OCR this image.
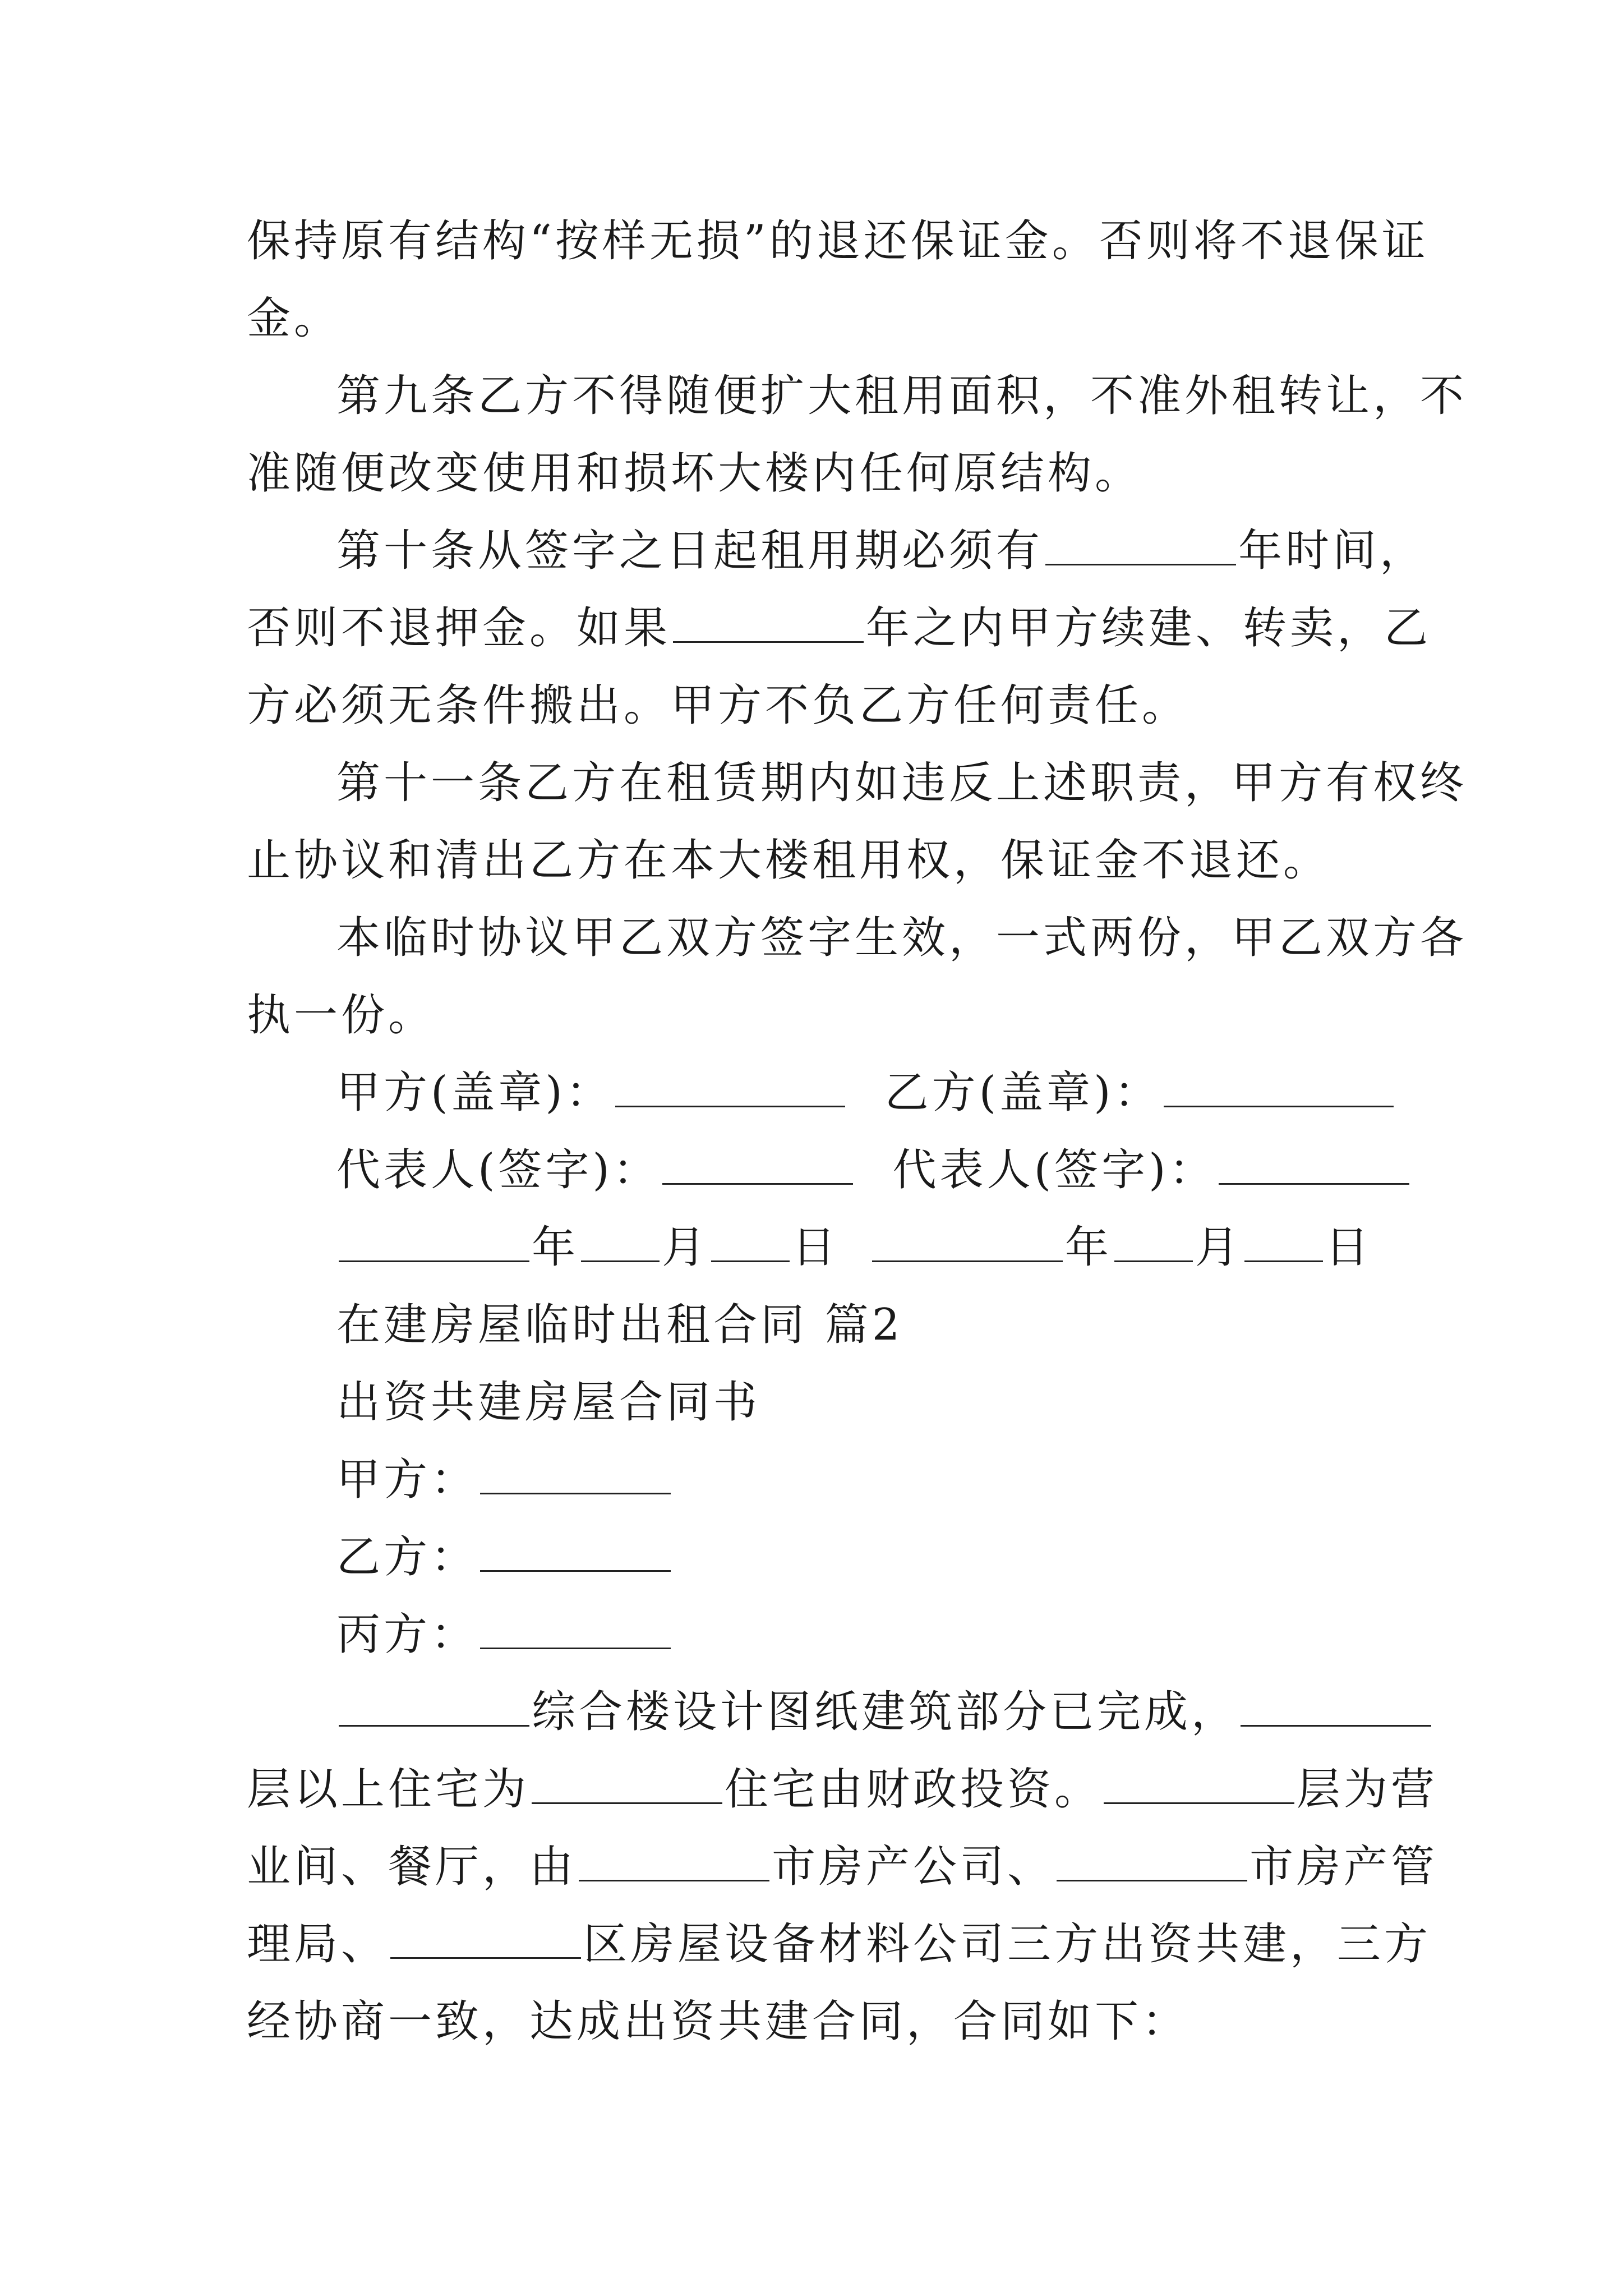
保持原有结构“按样无损”的退还保证金。否则将不退保证
金。
第九条乙方不得随便扩大租用面积，不准外租转让，不
准随便改变使用和损坏大楼内任何原结构。
第十条从签字之日起租用期必须有	年时间，
否则不退押金。如果	年之内甲方续建、转卖，乙
方必须无条件搬出。甲方不负乙方任何责任。
第十一条乙方在租赁期内如违反上述职责，甲方有权终
止协议和清出乙方在本大楼租用权，保证金不退还。
本临时协议甲乙双方签字生效，一式两份，甲乙双方各
执一份。
甲方(盖章)：	乙方(盖章)：
代表人(签字)：	代表人(签字)：
年 月 日	年 月 日
在建房屋临时出租合同 篇2
出资共建房屋合同书
甲方：
乙方：
丙方：
综合楼设计图纸建筑部分已完成，
层以上住宅为	住宅由财政投资。	层为营
业间、餐厅，由	市房产公司、	市房产管
理局、	区房屋设备材料公司三方出资共建，三方
经协商一致，达成出资共建合同，合同如下：
